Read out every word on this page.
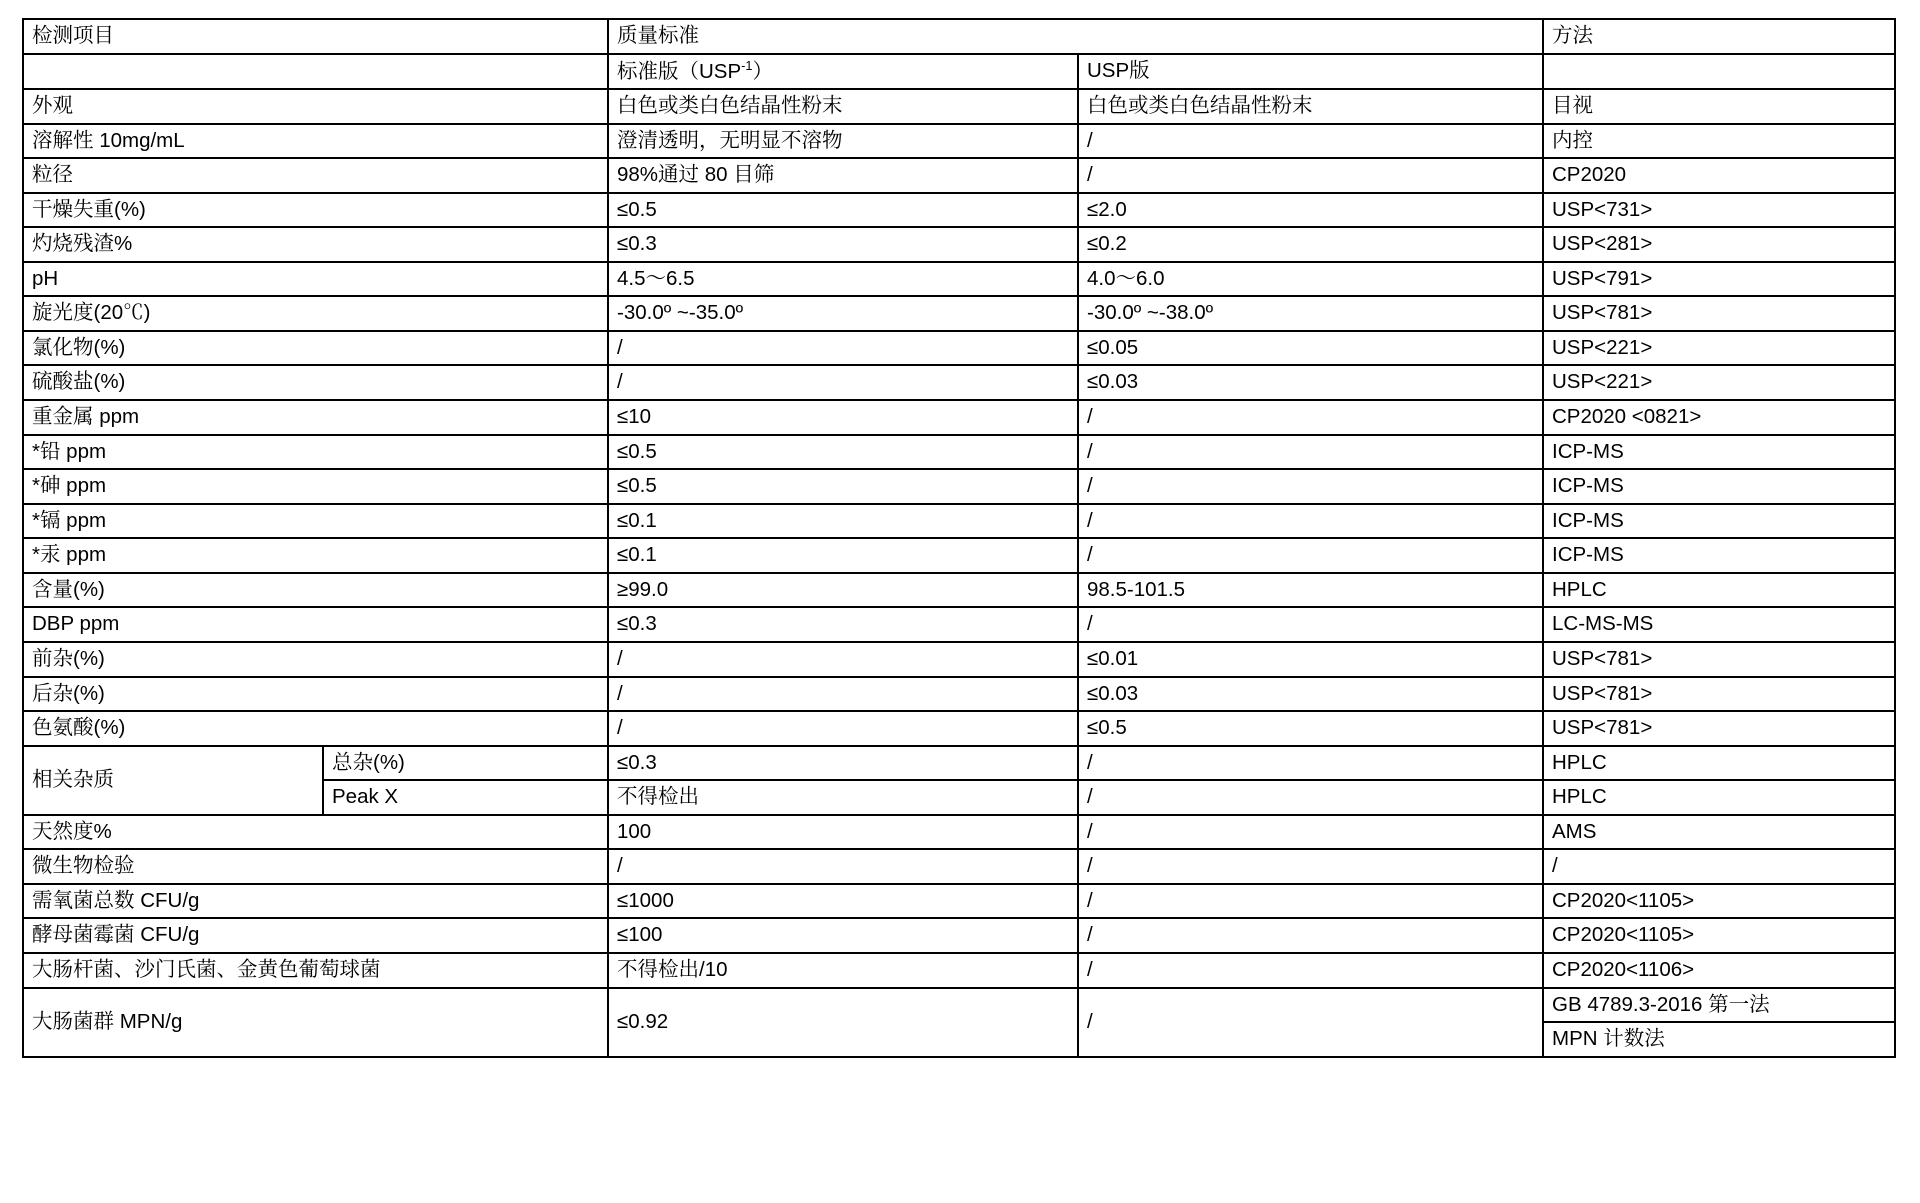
检测项目		质量标准		方法
		标准版$(USP^{-1})$	USP版	
外观		白色或类白色结晶性粉末	白色或类白色结晶性粉末	目视
溶解性 10mg/mL		澄清透明，无明显不溶物	/	内控
粒径		98%通过 80 目筛	/	CP2020
干燥失重(%)		≤0.5	≤2.0	USP<731>
灼烧残渣%		≤0.3	≤0.2	USP<281>
pH		4.5～6.5	4.0～6.0	USP<791>
旋光度(20℃)		-30.0º ~-35.0º	-30.0º ~-38.0º	USP<781>
氯化物(%)		/	≤0.05	USP<221>
硫酸盐(%)		/	≤0.03	USP<221>
重金属 ppm		≤10	/	CP2020 <0821>
*铅 ppm		≤0.5	/	ICP-MS
*砷 ppm		≤0.5	/	ICP-MS
*镉 ppm		≤0.1	/	ICP-MS
*汞 ppm		≤0.1	/	ICP-MS
含量(%)		≥99.0	98.5-101.5	HPLC
DBP ppm		≤0.3	/	LC-MS-MS
前杂(%)		/	≤0.01	USP<781>
后杂(%)		/	≤0.03	USP<781>
色氨酸(%)		/	≤0.5	USP<781>
相关杂质	总杂(%)	≤0.3	/	HPLC
	Peak X	不得检出	/	HPLC
天然度%		100	/	AMS
微生物检验		/	/	/
需氧菌总数 CFU/g		≤1000	/	CP2020<1105>
酵母菌霉菌 CFU/g		≤100	/	CP2020<1105>
大肠杆菌、沙门氏菌、金黄色葡萄球菌		不得检出/10	/	CP2020<1106>
大肠菌群 MPN/g		≤0.92	/	GB 4789.3-2016 第一法
				MPN 计数法
